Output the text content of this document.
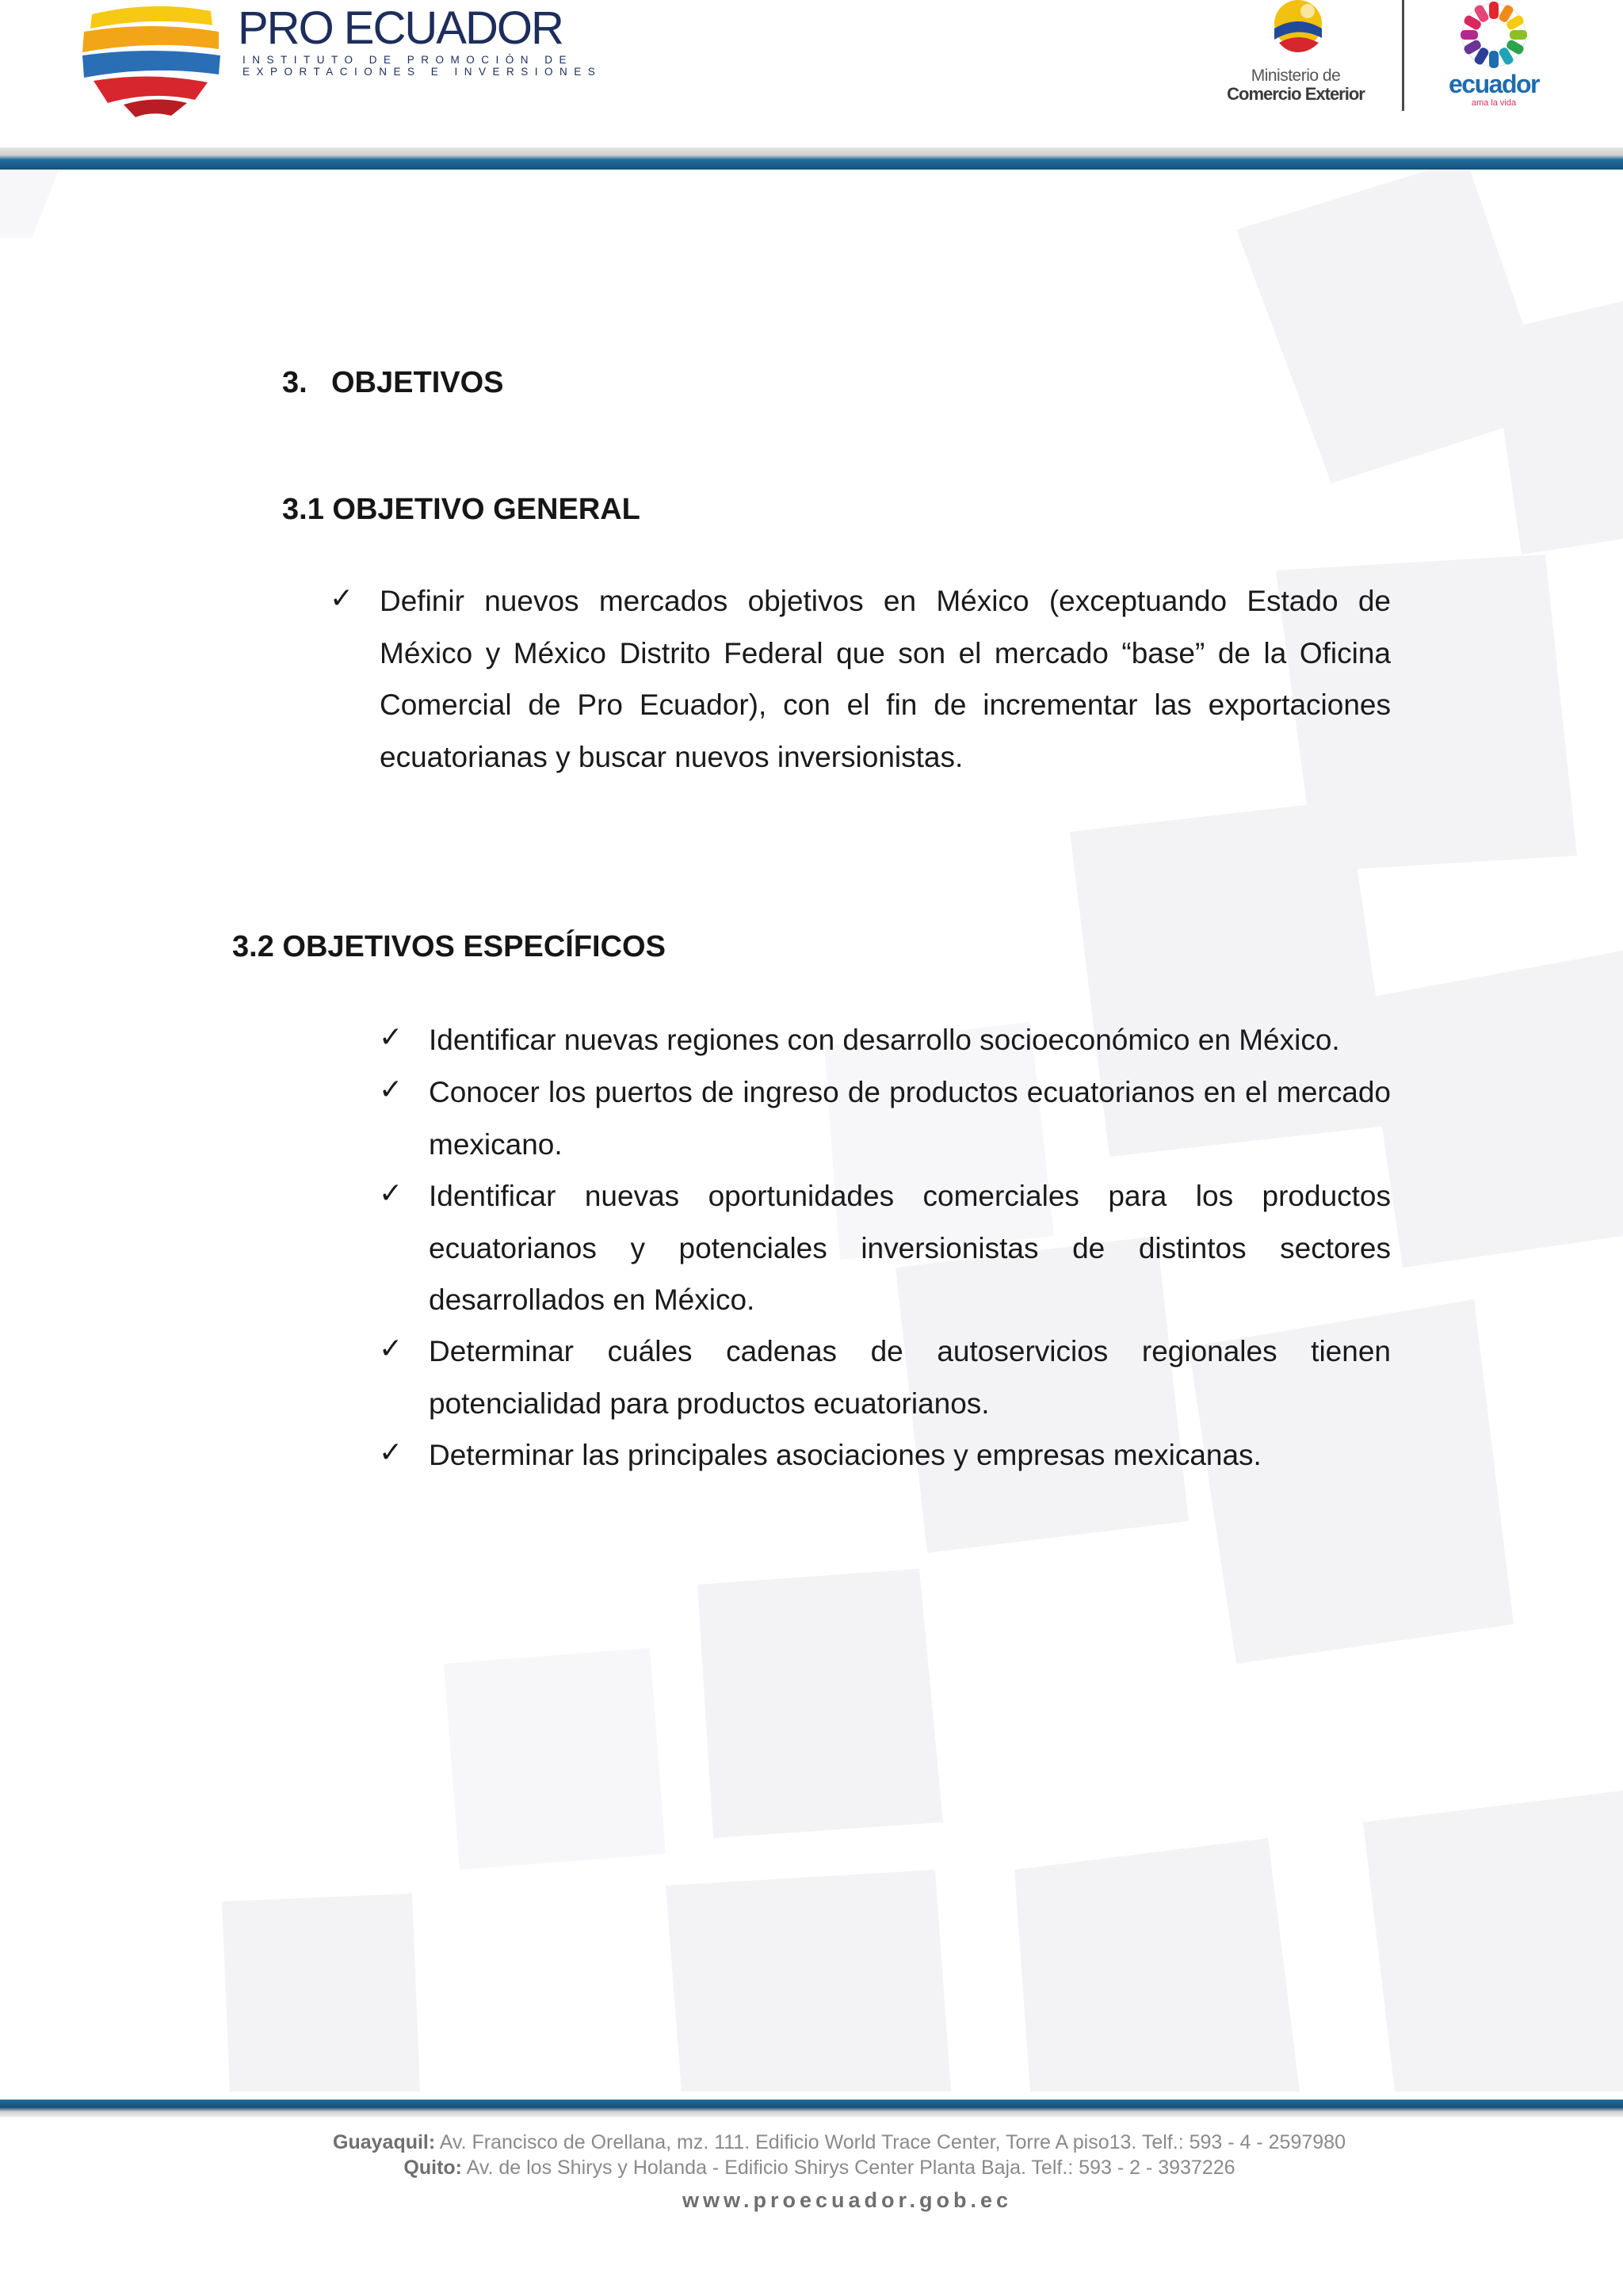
PRO ECUADOR
INSTITUTO DE PROMOCIÓN DE
EXPORTACIONES E INVERSIONES	Ministerio de
Comercio Exterior	ecuador
ama la vida
3. OBJETIVOS
3.1 OBJETIVO GENERAL
✓ Definir nuevos mercados objetivos en México (exceptuando Estado de México y México Distrito Federal que son el mercado “base” de la Oficina Comercial de Pro Ecuador), con el fin de incrementar las exportaciones ecuatorianas y buscar nuevos inversionistas.

3.2 OBJETIVOS ESPECÍFICOS
✓ Identificar nuevas regiones con desarrollo socioeconómico en México.

✓ Conocer los puertos de ingreso de productos ecuatorianos en el mercado mexicano.

✓ Identificar nuevas oportunidades comerciales para los productos ecuatorianos y potenciales inversionistas de distintos sectores desarrollados en México.

✓ Determinar cuáles cadenas de autoservicios regionales tienen potencialidad para productos ecuatorianos.

✓ Determinar las principales asociaciones y empresas mexicanas.

Guayaquil: Av. Francisco de Orellana, mz. 111. Edificio World Trace Center, Torre A piso13. Telf.: 593 - 4 - 2597980
Quito: Av. de los Shirys y Holanda - Edificio Shirys Center Planta Baja. Telf.: 593 - 2 - 3937226
www.proecuador.gob.ec
